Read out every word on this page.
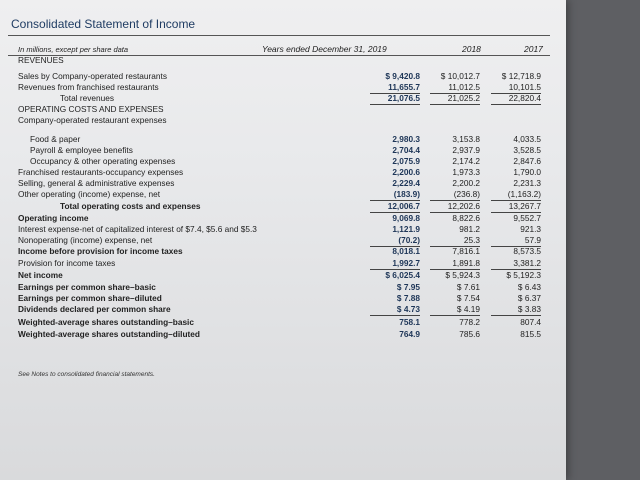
Consolidated Statement of Income
In millions, except per share data	Years ended December 31, 2019	2018	2017
REVENUES
Sales by Company-operated restaurants	$ 9,420.8	$ 10,012.7	$ 12,718.9
Revenues from franchised restaurants	11,655.7	11,012.5	10,101.5
Total revenues	21,076.5	21,025.2	22,820.4
OPERATING COSTS AND EXPENSES
Company-operated restaurant expenses
Food & paper	2,980.3	3,153.8	4,033.5
Payroll & employee benefits	2,704.4	2,937.9	3,528.5
Occupancy & other operating expenses	2,075.9	2,174.2	2,847.6
Franchised restaurants-occupancy expenses	2,200.6	1,973.3	1,790.0
Selling, general & administrative expenses	2,229.4	2,200.2	2,231.3
Other operating (income) expense, net	(183.9)	(236.8)	(1,163.2)
Total operating costs and expenses	12,006.7	12,202.6	13,267.7
Operating income	9,069.8	8,822.6	9,552.7
Interest expense-net of capitalized interest of $7.4, $5.6 and $5.3	1,121.9	981.2	921.3
Nonoperating (income) expense, net	(70.2)	25.3	57.9
Income before provision for income taxes	8,018.1	7,816.1	8,573.5
Provision for income taxes	1,992.7	1,891.8	3,381.2
Net income	$ 6,025.4	$ 5,924.3	$ 5,192.3
Earnings per common share–basic	$ 7.95	$ 7.61	$ 6.43
Earnings per common share–diluted	$ 7.88	$ 7.54	$ 6.37
Dividends declared per common share	$ 4.73	$ 4.19	$ 3.83
Weighted-average shares outstanding–basic	758.1	778.2	807.4
Weighted-average shares outstanding–diluted	764.9	785.6	815.5
See Notes to consolidated financial statements.
